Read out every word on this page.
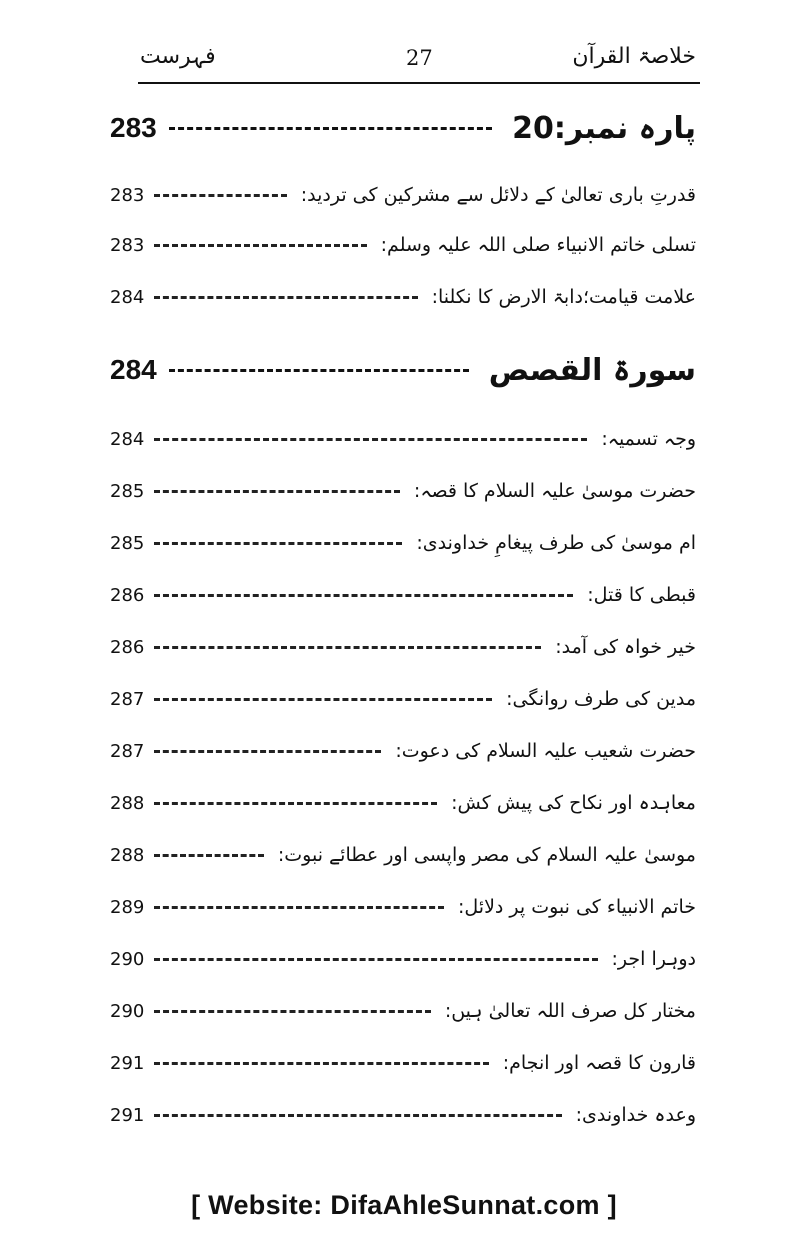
خلاصۃ القرآن
27
فہرست
پارہ نمبر:20
283
قدرتِ باری تعالیٰ کے دلائل سے مشرکین کی تردید:
283
تسلی خاتم الانبیاء صلی اللہ علیہ وسلم:
283
علامت قیامت؛دابۃ الارض کا نکلنا:
284
سورۃ القصص
284
وجہ تسمیہ:
284
حضرت موسیٰ علیہ السلام کا قصہ:
285
ام موسیٰ کی طرف پیغامِ خداوندی:
285
قبطی کا قتل:
286
خیر خواہ کی آمد:
286
مدین کی طرف روانگی:
287
حضرت شعیب علیہ السلام کی دعوت:
287
معاہدہ اور نکاح کی پیش کش:
288
موسیٰ علیہ السلام کی مصر واپسی اور عطائے نبوت:
288
خاتم الانبیاء کی نبوت پر دلائل:
289
دوہرا اجر:
290
مختار کل صرف اللہ تعالیٰ ہیں:
290
قارون کا قصہ اور انجام:
291
وعدہ خداوندی:
291
[ Website: DifaAhleSunnat.com ]
